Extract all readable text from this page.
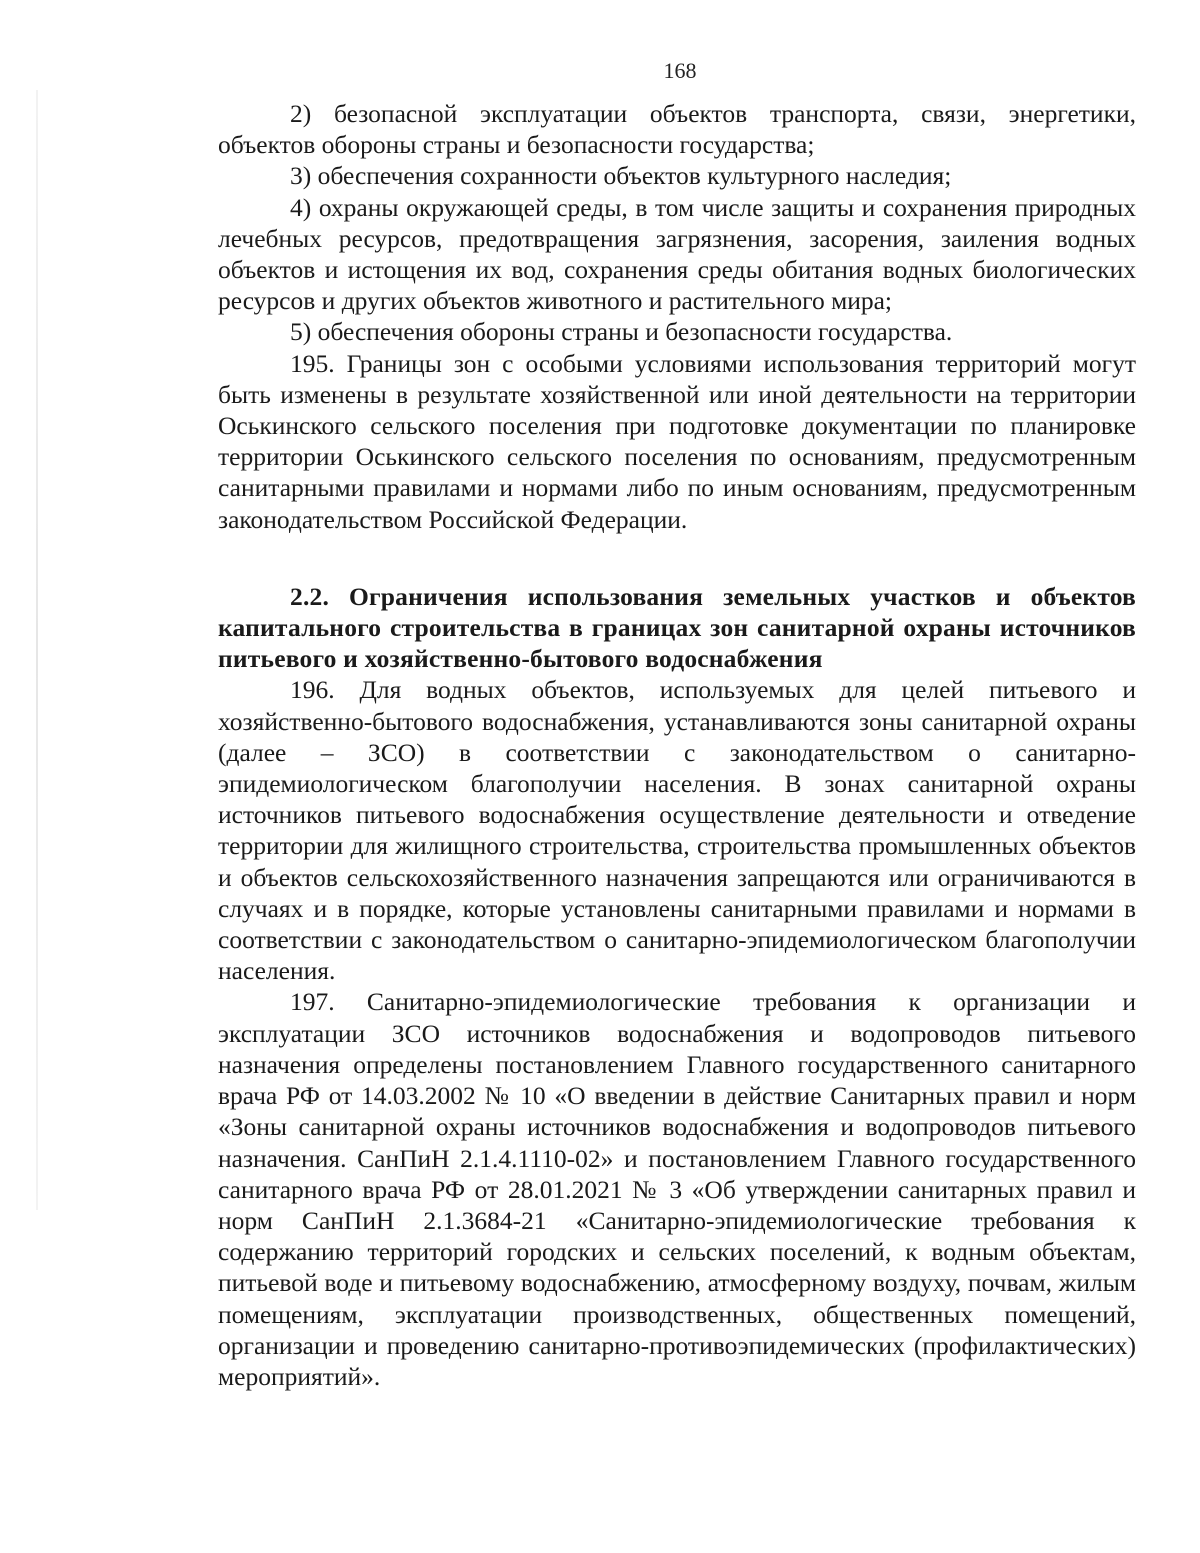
168

2) безопасной эксплуатации объектов транспорта, связи, энергетики, объектов обороны страны и безопасности государства;

3) обеспечения сохранности объектов культурного наследия;

4) охраны окружающей среды, в том числе защиты и сохранения природных лечебных ресурсов, предотвращения загрязнения, засорения, заиления водных объектов и истощения их вод, сохранения среды обитания водных биологических ресурсов и других объектов животного и растительного мира;

5) обеспечения обороны страны и безопасности государства.

195. Границы зон с особыми условиями использования территорий могут быть изменены в результате хозяйственной или иной деятельности на территории Оськинского сельского поселения при подготовке документации по планировке территории Оськинского сельского поселения по основаниям, предусмотренным санитарными правилами и нормами либо по иным основаниям, предусмотренным законодательством Российской Федерации.

2.2. Ограничения использования земельных участков и объектов капитального строительства в границах зон санитарной охраны источников питьевого и хозяйственно-бытового водоснабжения

196. Для водных объектов, используемых для целей питьевого и хозяйственно-бытового водоснабжения, устанавливаются зоны санитарной охраны (далее – ЗСО) в соответствии с законодательством о санитарно-эпидемиологическом благополучии населения. В зонах санитарной охраны источников питьевого водоснабжения осуществление деятельности и отведение территории для жилищного строительства, строительства промышленных объектов и объектов сельскохозяйственного назначения запрещаются или ограничиваются в случаях и в порядке, которые установлены санитарными правилами и нормами в соответствии с законодательством о санитарно-эпидемиологическом благополучии населения.

197. Санитарно-эпидемиологические требования к организации и эксплуатации ЗСО источников водоснабжения и водопроводов питьевого назначения определены постановлением Главного государственного санитарного врача РФ от 14.03.2002 № 10 «О введении в действие Санитарных правил и норм «Зоны санитарной охраны источников водоснабжения и водопроводов питьевого назначения. СанПиН 2.1.4.1110-02» и постановлением Главного государственного санитарного врача РФ от 28.01.2021 № 3 «Об утверждении санитарных правил и норм СанПиН 2.1.3684-21 «Санитарно-эпидемиологические требования к содержанию территорий городских и сельских поселений, к водным объектам, питьевой воде и питьевому водоснабжению, атмосферному воздуху, почвам, жилым помещениям, эксплуатации производственных, общественных помещений, организации и проведению санитарно-противоэпидемических (профилактических) мероприятий».
